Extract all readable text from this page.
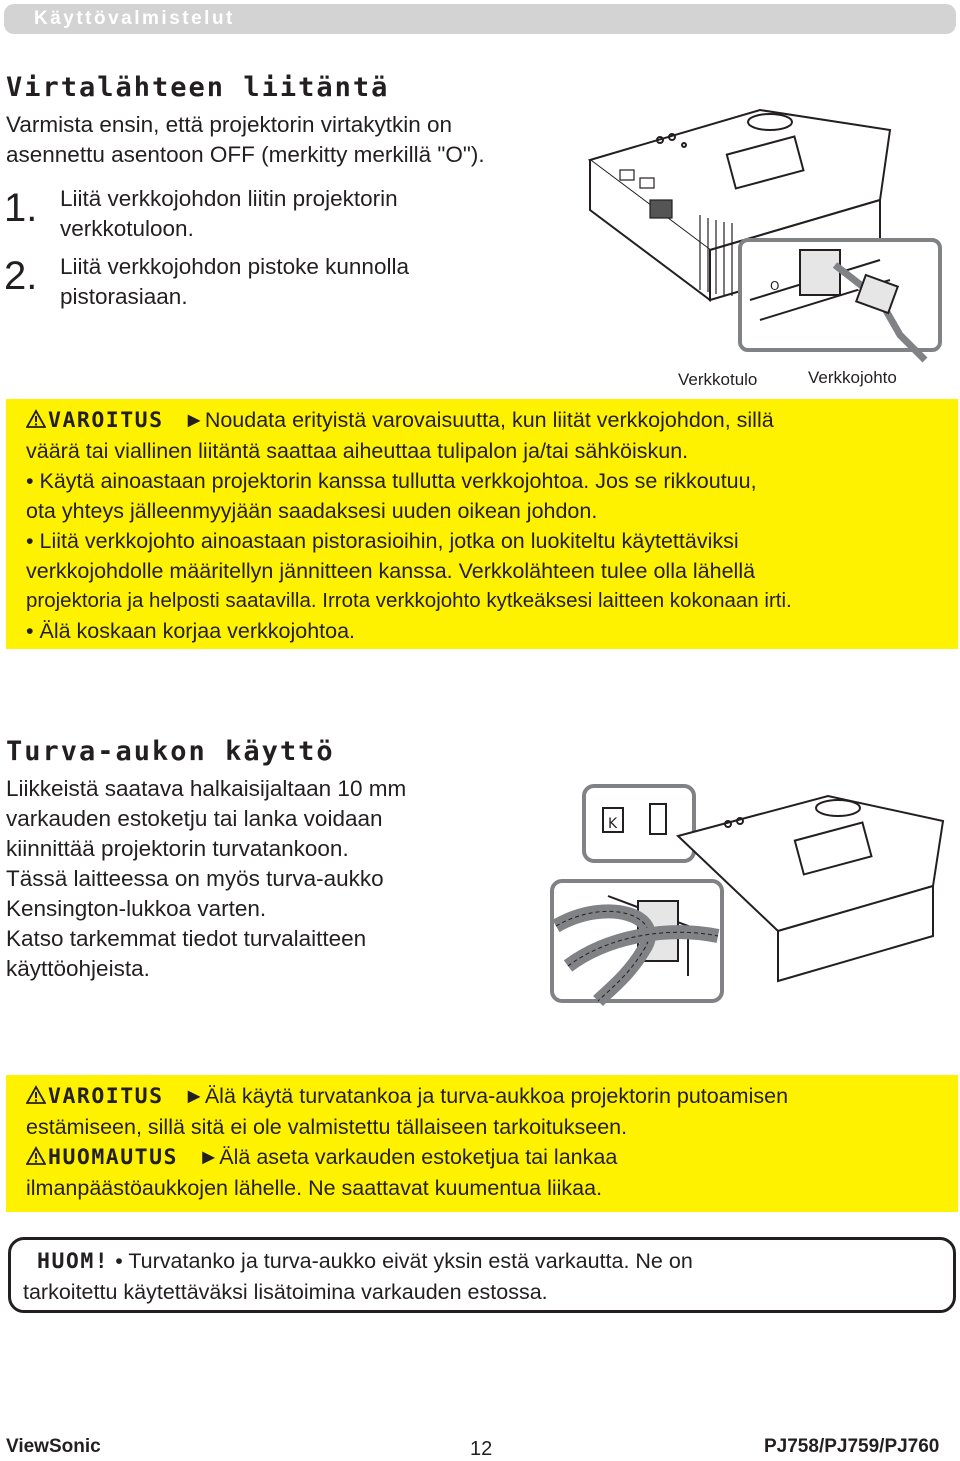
Käyttövalmistelut
Virtalähteen liitäntä
Varmista ensin, että projektorin virtakytkin on
asennettu asentoon OFF (merkitty merkillä "O").
1. Liitä verkkojohdon liitin projektorin
verkkotuloon.
2. Liitä verkkojohdon pistoke kunnolla
pistorasiaan.	O
Verkkotulo	Verkkojohto

VAROITUS ►Noudata erityistä varovaisuutta, kun liität verkkojohdon, sillä

väärä tai viallinen liitäntä saattaa aiheuttaa tulipalon ja/tai sähköiskun.

• Käytä ainoastaan projektorin kanssa tullutta verkkojohtoa. Jos se rikkoutuu,

ota yhteys jälleenmyyjään saadaksesi uuden oikean johdon.

• Liitä verkkojohto ainoastaan pistorasioihin, jotka on luokiteltu käytettäviksi

verkkojohdolle määritellyn jännitteen kanssa. Verkkolähteen tulee olla lähellä

projektoria ja helposti saatavilla. Irrota verkkojohto kytkeäksesi laitteen kokonaan irti.

• Älä koskaan korjaa verkkojohtoa.

Turva-aukon käyttö
Liikkeistä saatava halkaisijaltaan 10 mm
varkauden estoketju tai lanka voidaan
kiinnittää projektorin turvatankoon.
Tässä laitteessa on myös turva-aukko
Kensington-lukkoa varten.
Katso tarkemmat tiedot turvalaitteen
käyttöohjeista.
K

VAROITUS ►Älä käytä turvatankoa ja turva-aukkoa projektorin putoamisen

estämiseen, sillä sitä ei ole valmistettu tällaiseen tarkoitukseen.

HUOMAUTUS ►Älä aseta varkauden estoketjua tai lankaa

ilmanpäästöaukkojen lähelle. Ne saattavat kuumentua liikaa.

HUOM! • Turvatanko ja turva-aukko eivät yksin estä varkautta. Ne on
tarkoitettu käytettäväksi lisätoimina varkauden estossa.
ViewSonic	12	PJ758/PJ759/PJ760
